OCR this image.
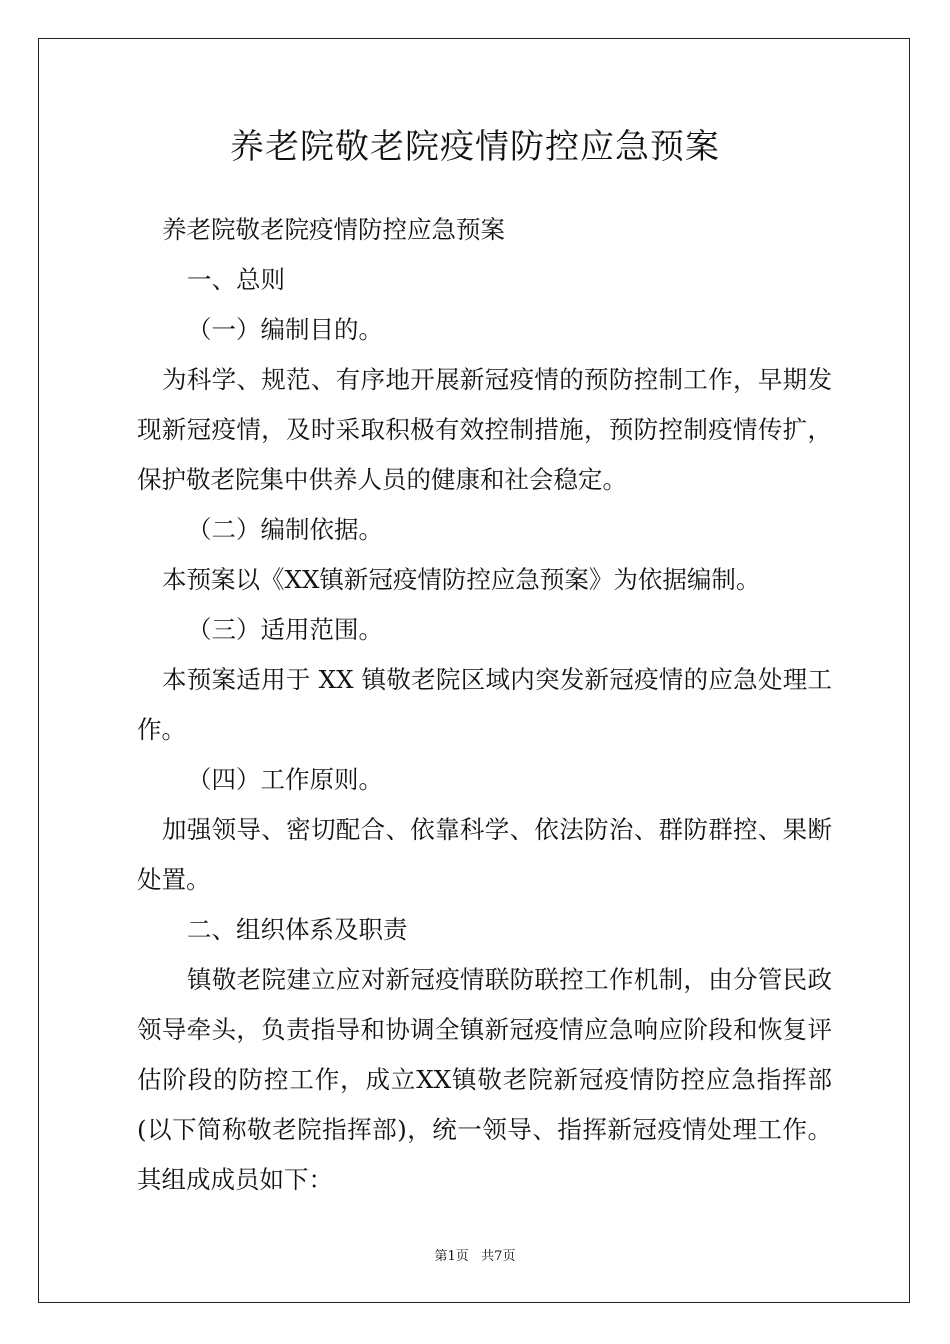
养老院敬老院疫情防控应急预案

养老院敬老院疫情防控应急预案

一、总则

（一）编制目的。

为科学、规范、有序地开展新冠疫情的预防控制工作，早期发现新冠疫情，及时采取积极有效控制措施，预防控制疫情传扩，保护敬老院集中供养人员的健康和社会稳定。

（二）编制依据。

本预案以《XX镇新冠疫情防控应急预案》为依据编制。

（三）适用范围。

本预案适用于 XX 镇敬老院区域内突发新冠疫情的应急处理工作。

（四）工作原则。

加强领导、密切配合、依靠科学、依法防治、群防群控、果断处置。

二、组织体系及职责

镇敬老院建立应对新冠疫情联防联控工作机制，由分管民政领导牵头，负责指导和协调全镇新冠疫情应急响应阶段和恢复评估阶段的防控工作，成立XX镇敬老院新冠疫情防控应急指挥部(以下简称敬老院指挥部)，统一领导、指挥新冠疫情处理工作。其组成成员如下：

第1页   共7页
